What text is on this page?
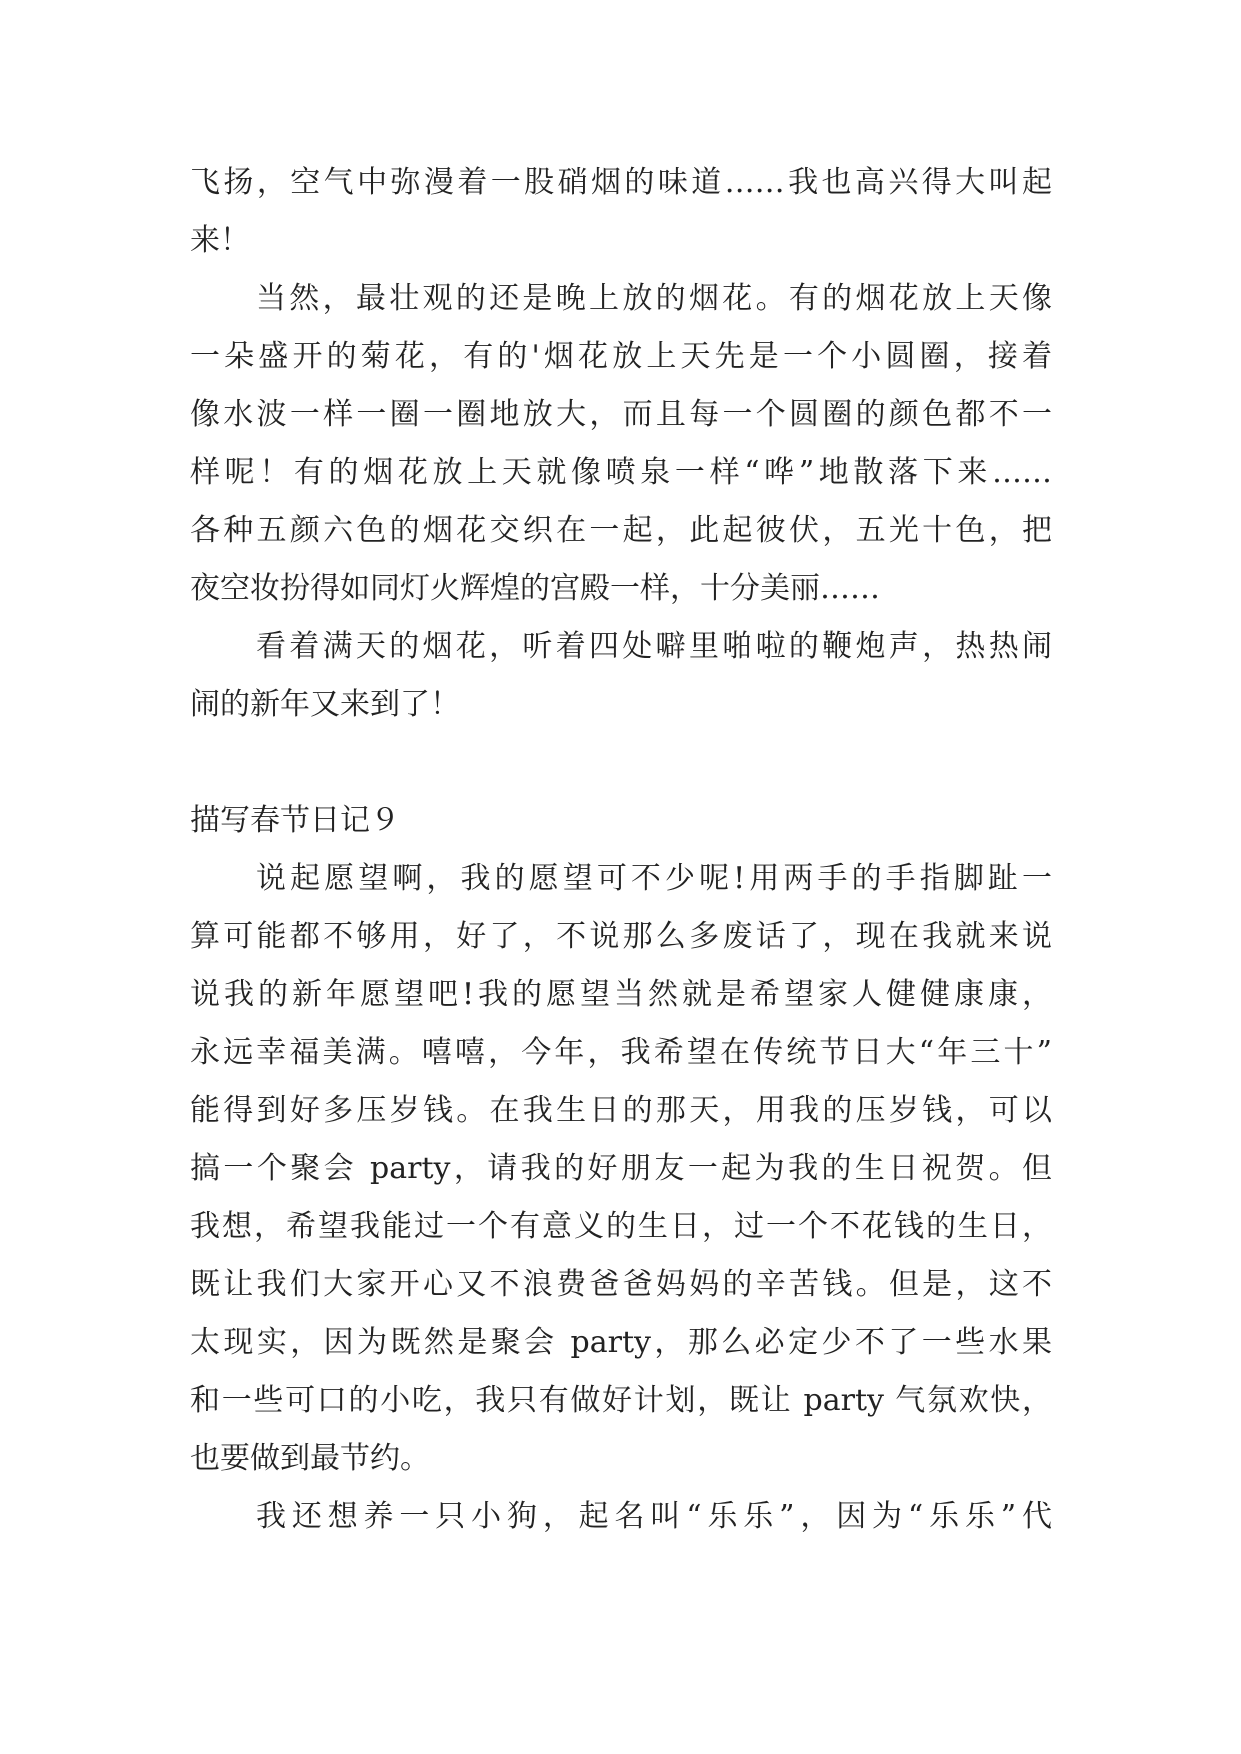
飞扬，空气中弥漫着一股硝烟的味道……我也高兴得大叫起
来！
当然，最壮观的还是晚上放的烟花。有的烟花放上天像
一朵盛开的菊花，有的'烟花放上天先是一个小圆圈，接着
像水波一样一圈一圈地放大，而且每一个圆圈的颜色都不一
样呢！有的烟花放上天就像喷泉一样“哗”地散落下来……
各种五颜六色的烟花交织在一起，此起彼伏，五光十色，把
夜空妆扮得如同灯火辉煌的宫殿一样，十分美丽……
看着满天的烟花，听着四处噼里啪啦的鞭炮声，热热闹
闹的新年又来到了！
描写春节日记９
说起愿望啊，我的愿望可不少呢!用两手的手指脚趾一
算可能都不够用，好了，不说那么多废话了，现在我就来说
说我的新年愿望吧!我的愿望当然就是希望家人健健康康，
永远幸福美满。嘻嘻，今年，我希望在传统节日大“年三十”
能得到好多压岁钱。在我生日的那天，用我的压岁钱，可以
搞一个聚会 party，请我的好朋友一起为我的生日祝贺。但
我想，希望我能过一个有意义的生日，过一个不花钱的生日，
既让我们大家开心又不浪费爸爸妈妈的辛苦钱。但是，这不
太现实，因为既然是聚会 party，那么必定少不了一些水果
和一些可口的小吃，我只有做好计划，既让 party 气氛欢快，
也要做到最节约。
我还想养一只小狗，起名叫“乐乐”，因为“乐乐”代
